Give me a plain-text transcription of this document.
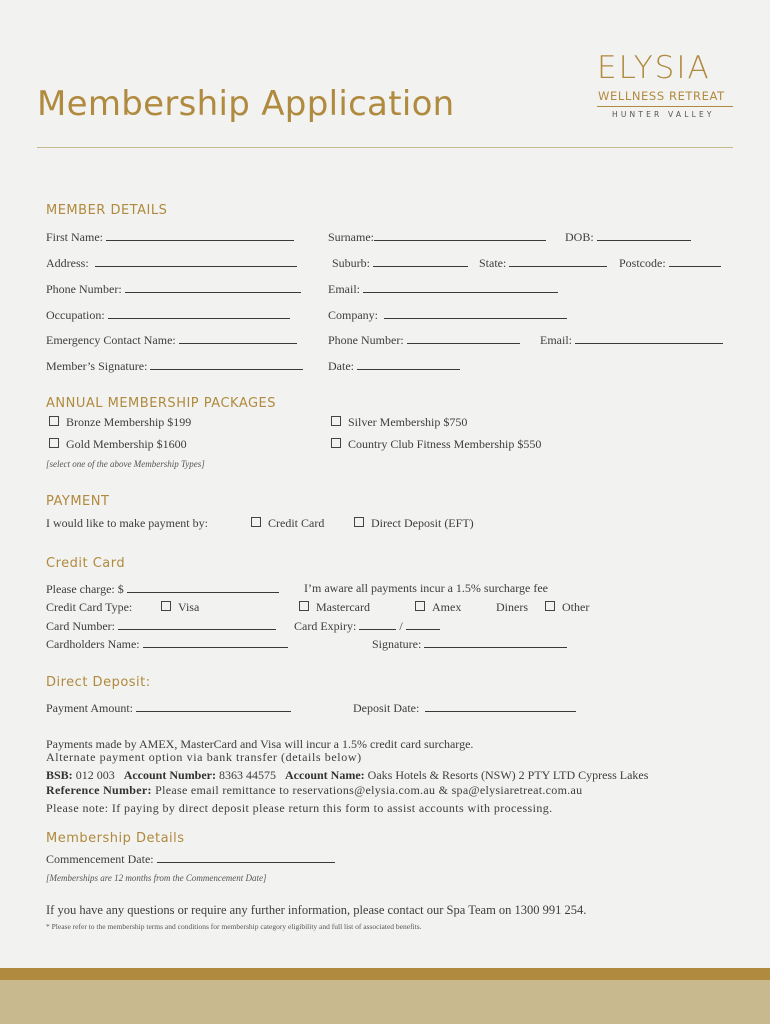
Membership Application
ELYSIA
WELLNESS RETREAT
HUNTER VALLEY
MEMBER DETAILS
First Name:	Surname:	DOB:
Address:	Suburb:	State:	Postcode:
Phone Number:	Email:
Occupation:	Company:
Emergency Contact Name:	Phone Number:	Email:
Member’s Signature:	Date:
ANNUAL MEMBERSHIP PACKAGES
Bronze Membership $199	Silver Membership $750
Gold Membership $1600	Country Club Fitness Membership $550
[select one of the above Membership Types]
PAYMENT
I would like to make payment by:	Credit Card	Direct Deposit (EFT)
Credit Card
Please charge: $	I’m aware all payments incur a 1.5% surcharge fee
Credit Card Type:	Visa	Mastercard	Amex	Diners	Other
Card Number:	Card Expiry:	/
Cardholders Name:	Signature:
Direct Deposit:
Payment Amount:	Deposit Date:
Payments made by AMEX, MasterCard and Visa will incur a 1.5% credit card surcharge.
Alternate payment option via bank transfer (details below)
BSB: 012 003 Account Number: 8363 44575 Account Name: Oaks Hotels & Resorts (NSW) 2 PTY LTD Cypress Lakes
Reference Number: Please email remittance to reservations@elysia.com.au & spa@elysiaretreat.com.au
Please note: If paying by direct deposit please return this form to assist accounts with processing.
Membership Details
Commencement Date:
[Memberships are 12 months from the Commencement Date]
If you have any questions or require any further information, please contact our Spa Team on 1300 991 254.
* Please refer to the membership terms and conditions for membership category eligibility and full list of associated benefits.
